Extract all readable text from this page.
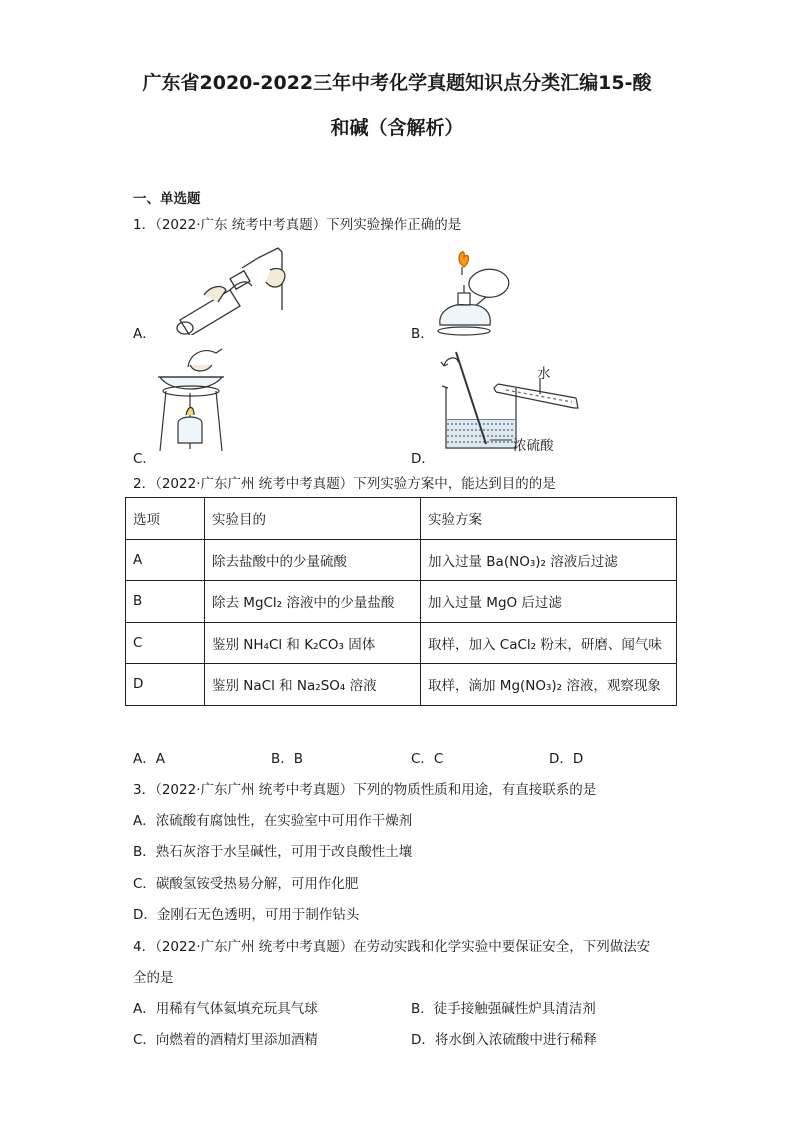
广东省2020-2022三年中考化学真题知识点分类汇编15-酸
和碱（含解析）
一、单选题
1．（2022·广东 统考中考真题）下列实验操作正确的是
A．	B．
C．
水
浓硫酸
D．
2．（2022·广东广州 统考中考真题）下列实验方案中，能达到目的的是
选项	实验目的	实验方案
A	除去盐酸中的少量硫酸	加入过量 Ba(NO₃)₂ 溶液后过滤
B	除去 MgCl₂ 溶液中的少量盐酸	加入过量 MgO 后过滤
C	鉴别 NH₄Cl 和 K₂CO₃ 固体	取样，加入 CaCl₂ 粉末，研磨、闻气味
D	鉴别 NaCl 和 Na₂SO₄ 溶液	取样，滴加 Mg(NO₃)₂ 溶液，观察现象
A．A	B．B	C．C	D．D
3．（2022·广东广州 统考中考真题）下列的物质性质和用途，有直接联系的是
A．浓硫酸有腐蚀性，在实验室中可用作干燥剂
B．熟石灰溶于水呈碱性，可用于改良酸性土壤
C．碳酸氢铵受热易分解，可用作化肥
D．金刚石无色透明，可用于制作钻头
4．（2022·广东广州 统考中考真题）在劳动实践和化学实验中要保证安全，下列做法安
全的是
A．用稀有气体氦填充玩具气球	B．徒手接触强碱性炉具清洁剂
C．向燃着的酒精灯里添加酒精	D．将水倒入浓硫酸中进行稀释
